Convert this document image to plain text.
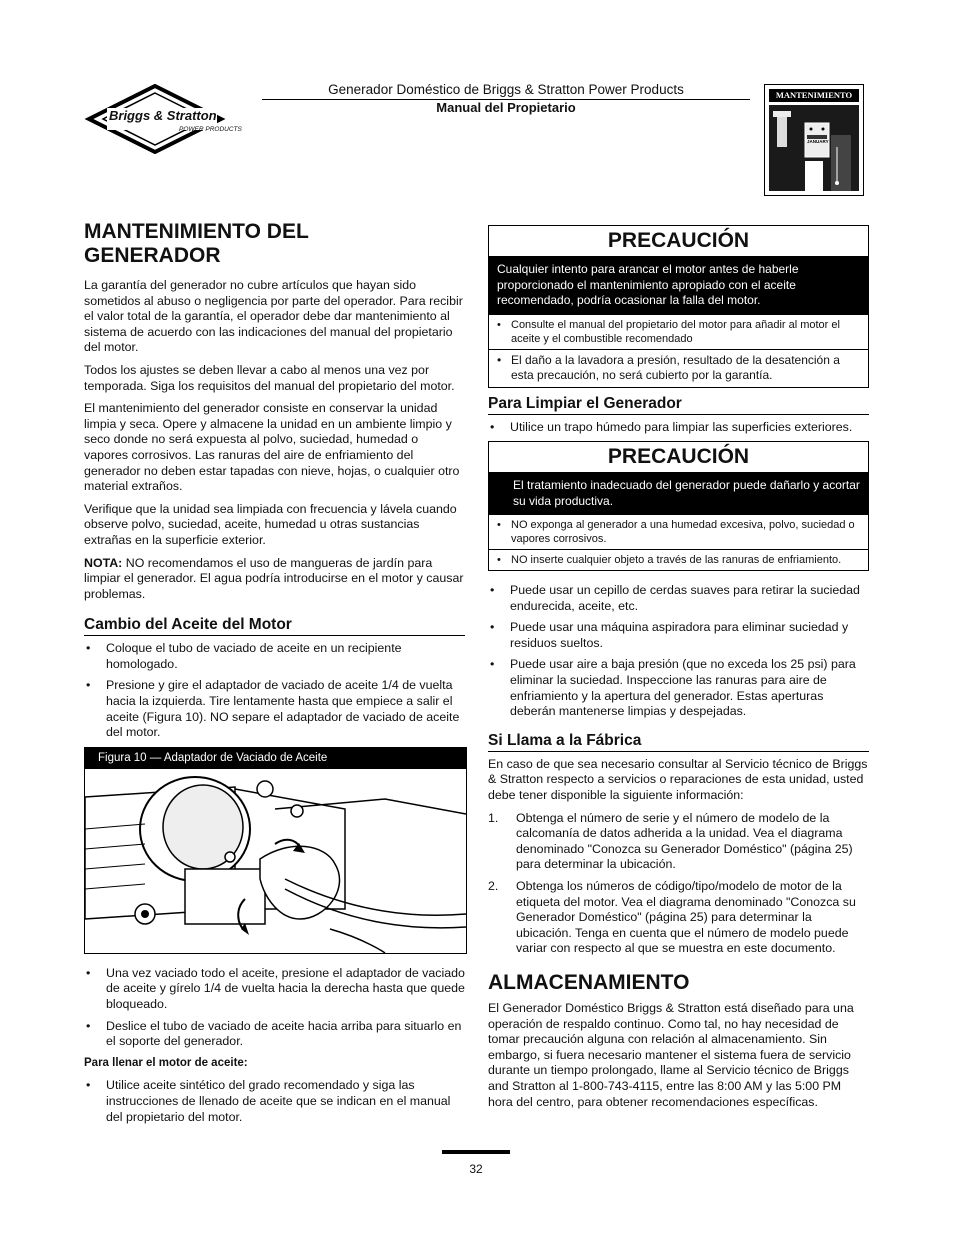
Briggs & Stratton
POWER PRODUCTS
Generador Doméstico de Briggs & Stratton Power Products
Manual del Propietario
MANTENIMIENTO
JANUARY
MANTENIMIENTO DEL GENERADOR

La garantía del generador no cubre artículos que hayan sido sometidos al abuso o negligencia por parte del operador. Para recibir el valor total de la garantía, el operador debe dar mantenimiento al sistema de acuerdo con las indicaciones del manual del propietario del motor.

Todos los ajustes se deben llevar a cabo al menos una vez por temporada. Siga los requisitos del manual del propietario del motor.

El mantenimiento del generador consiste en conservar la unidad limpia y seca. Opere y almacene la unidad en un ambiente limpio y seco donde no será expuesta al polvo, suciedad, humedad o vapores corrosivos. Las ranuras del aire de enfriamiento del generador no deben estar tapadas con nieve, hojas, o cualquier otro material extraños.

Verifique que la unidad sea limpiada con frecuencia y lávela cuando observe polvo, suciedad, aceite, humedad u otras sustancias extrañas en la superficie exterior.

NOTA: NO recomendamos el uso de mangueras de jardín para limpiar el generador. El agua podría introducirse en el motor y causar problemas.

Cambio del Aceite del Motor
• Coloque el tubo de vaciado de aceite en un recipiente homologado.
• Presione y gire el adaptador de vaciado de aceite 1/4 de vuelta hacia la izquierda. Tire lentamente hasta que empiece a salir el aceite (Figura 10). NO separe el adaptador de vaciado de aceite del motor.
Figura 10 — Adaptador de Vaciado de Aceite
• Una vez vaciado todo el aceite, presione el adaptador de vaciado de aceite y gírelo 1/4 de vuelta hacia la derecha hasta que quede bloqueado.
• Deslice el tubo de vaciado de aceite hacia arriba para situarlo en el soporte del generador.

Para llenar el motor de aceite:

• Utilice aceite sintético del grado recomendado y siga las instrucciones de llenado de aceite que se indican en el manual del propietario del motor.
PRECAUCIÓN
Cualquier intento para arancar el motor antes de haberle proporcionado el mantenimiento apropiado con el aceite recomendado, podría ocasionar la falla del motor.
• Consulte el manual del propietario del motor para añadir al motor el aceite y el combustible recomendado
• El daño a la lavadora a presión, resultado de la desatención a esta precaución, no será cubierto por la garantía.
Para Limpiar el Generador
• Utilice un trapo húmedo para limpiar las superficies exteriores.
PRECAUCIÓN
El tratamiento inadecuado del generador puede dañarlo y acortar su vida productiva.
• NO exponga al generador a una humedad excesiva, polvo, suciedad o vapores corrosivos.
• NO inserte cualquier objeto a través de las ranuras de enfriamiento.
• Puede usar un cepillo de cerdas suaves para retirar la suciedad endurecida, aceite, etc.
• Puede usar una máquina aspiradora para eliminar suciedad y residuos sueltos.
• Puede usar aire a baja presión (que no exceda los 25 psi) para eliminar la suciedad. Inspeccione las ranuras para aire de enfriamiento y la apertura del generador. Estas aperturas deberán mantenerse limpias y despejadas.
Si Llama a la Fábrica

En caso de que sea necesario consultar al Servicio técnico de Briggs & Stratton respecto a servicios o reparaciones de esta unidad, usted debe tener disponible la siguiente información:

1. Obtenga el número de serie y el número de modelo de la calcomanía de datos adherida a la unidad. Vea el diagrama denominado "Conozca su Generador Doméstico" (página 25) para determinar la ubicación.
2. Obtenga los números de código/tipo/modelo de motor de la etiqueta del motor. Vea el diagrama denominado "Conozca su Generador Doméstico" (página 25) para determinar la ubicación. Tenga en cuenta que el número de modelo puede variar con respecto al que se muestra en este documento.
ALMACENAMIENTO

El Generador Doméstico Briggs & Stratton está diseñado para una operación de respaldo continuo. Como tal, no hay necesidad de tomar precaución alguna con relación al almacenamiento. Sin embargo, si fuera necesario mantener el sistema fuera de servicio durante un tiempo prolongado, llame al Servicio técnico de Briggs and Stratton al 1-800-743-4115, entre las 8:00 AM y las 5:00 PM hora del centro, para obtener recomendaciones específicas.

32
